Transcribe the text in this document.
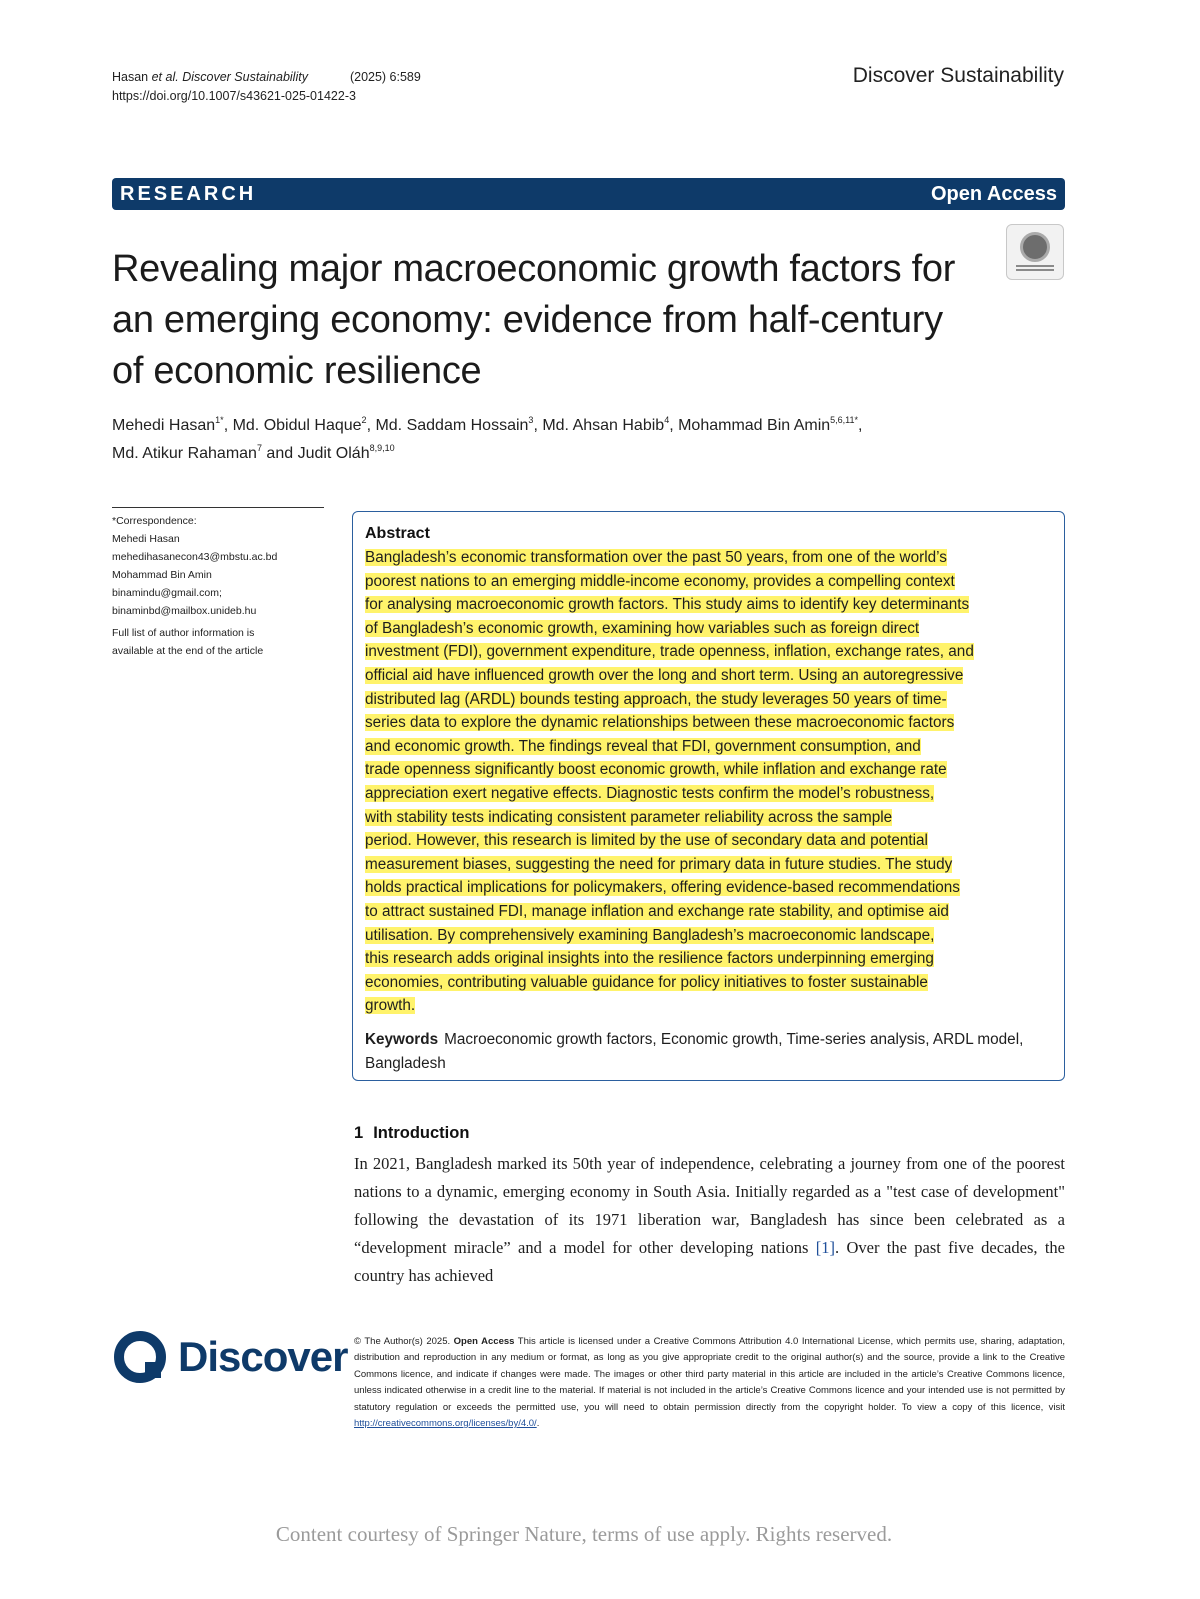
Hasan et al. Discover Sustainability	(2025) 6:589
https://doi.org/10.1007/s43621-025-01422-3
Discover Sustainability
RESEARCH	Open Access
Revealing major macroeconomic growth factors for an emerging economy: evidence from half-century of economic resilience
Mehedi Hasan$^{1*}$, Md. Obidul Haque$^2$, Md. Saddam Hossain$^3$, Md. Ahsan Habib$^4$, Mohammad Bin Amin$^{5,6,11*}$,
Md. Atikur Rahaman$^7$ and Judit Oláh$^{8,9,10}$
*Correspondence:
Mehedi Hasan
mehedihasanecon43@mbstu.ac.bd
Mohammad Bin Amin
binamindu@gmail.com;
binaminbd@mailbox.unideb.hu
Full list of author information is
available at the end of the article
Abstract
Bangladesh’s economic transformation over the past 50 years, from one of the world’s
poorest nations to an emerging middle-income economy, provides a compelling context
for analysing macroeconomic growth factors. This study aims to identify key determinants
of Bangladesh’s economic growth, examining how variables such as foreign direct
investment (FDI), government expenditure, trade openness, inflation, exchange rates, and
official aid have influenced growth over the long and short term. Using an autoregressive
distributed lag (ARDL) bounds testing approach, the study leverages 50 years of time-
series data to explore the dynamic relationships between these macroeconomic factors
and economic growth. The findings reveal that FDI, government consumption, and
trade openness significantly boost economic growth, while inflation and exchange rate
appreciation exert negative effects. Diagnostic tests confirm the model’s robustness,
with stability tests indicating consistent parameter reliability across the sample
period. However, this research is limited by the use of secondary data and potential
measurement biases, suggesting the need for primary data in future studies. The study
holds practical implications for policymakers, offering evidence-based recommendations
to attract sustained FDI, manage inflation and exchange rate stability, and optimise aid
utilisation. By comprehensively examining Bangladesh’s macroeconomic landscape,
this research adds original insights into the resilience factors underpinning emerging
economies, contributing valuable guidance for policy initiatives to foster sustainable
growth.
Keywords Macroeconomic growth factors, Economic growth, Time-series analysis, ARDL model, Bangladesh
1 Introduction
In 2021, Bangladesh marked its 50th year of independence, celebrating a journey from one of the poorest nations to a dynamic, emerging economy in South Asia. Initially regarded as a "test case of development" following the devastation of its 1971 liberation war, Bangladesh has since been celebrated as a “development miracle” and a model for other developing nations [1]. Over the past five decades, the country has achieved
Discover © The Author(s) 2025. Open Access This article is licensed under a Creative Commons Attribution 4.0 International License, which permits use, sharing, adaptation, distribution and reproduction in any medium or format, as long as you give appropriate credit to the original author(s) and the source, provide a link to the Creative Commons licence, and indicate if changes were made. The images or other third party material in this article are included in the article’s Creative Commons licence, unless indicated otherwise in a credit line to the material. If material is not included in the article’s Creative Commons licence and your intended use is not permitted by statutory regulation or exceeds the permitted use, you will need to obtain permission directly from the copyright holder. To view a copy of this licence, visit http://creativecommons.org/licenses/by/4.0/.
Content courtesy of Springer Nature, terms of use apply. Rights reserved.
